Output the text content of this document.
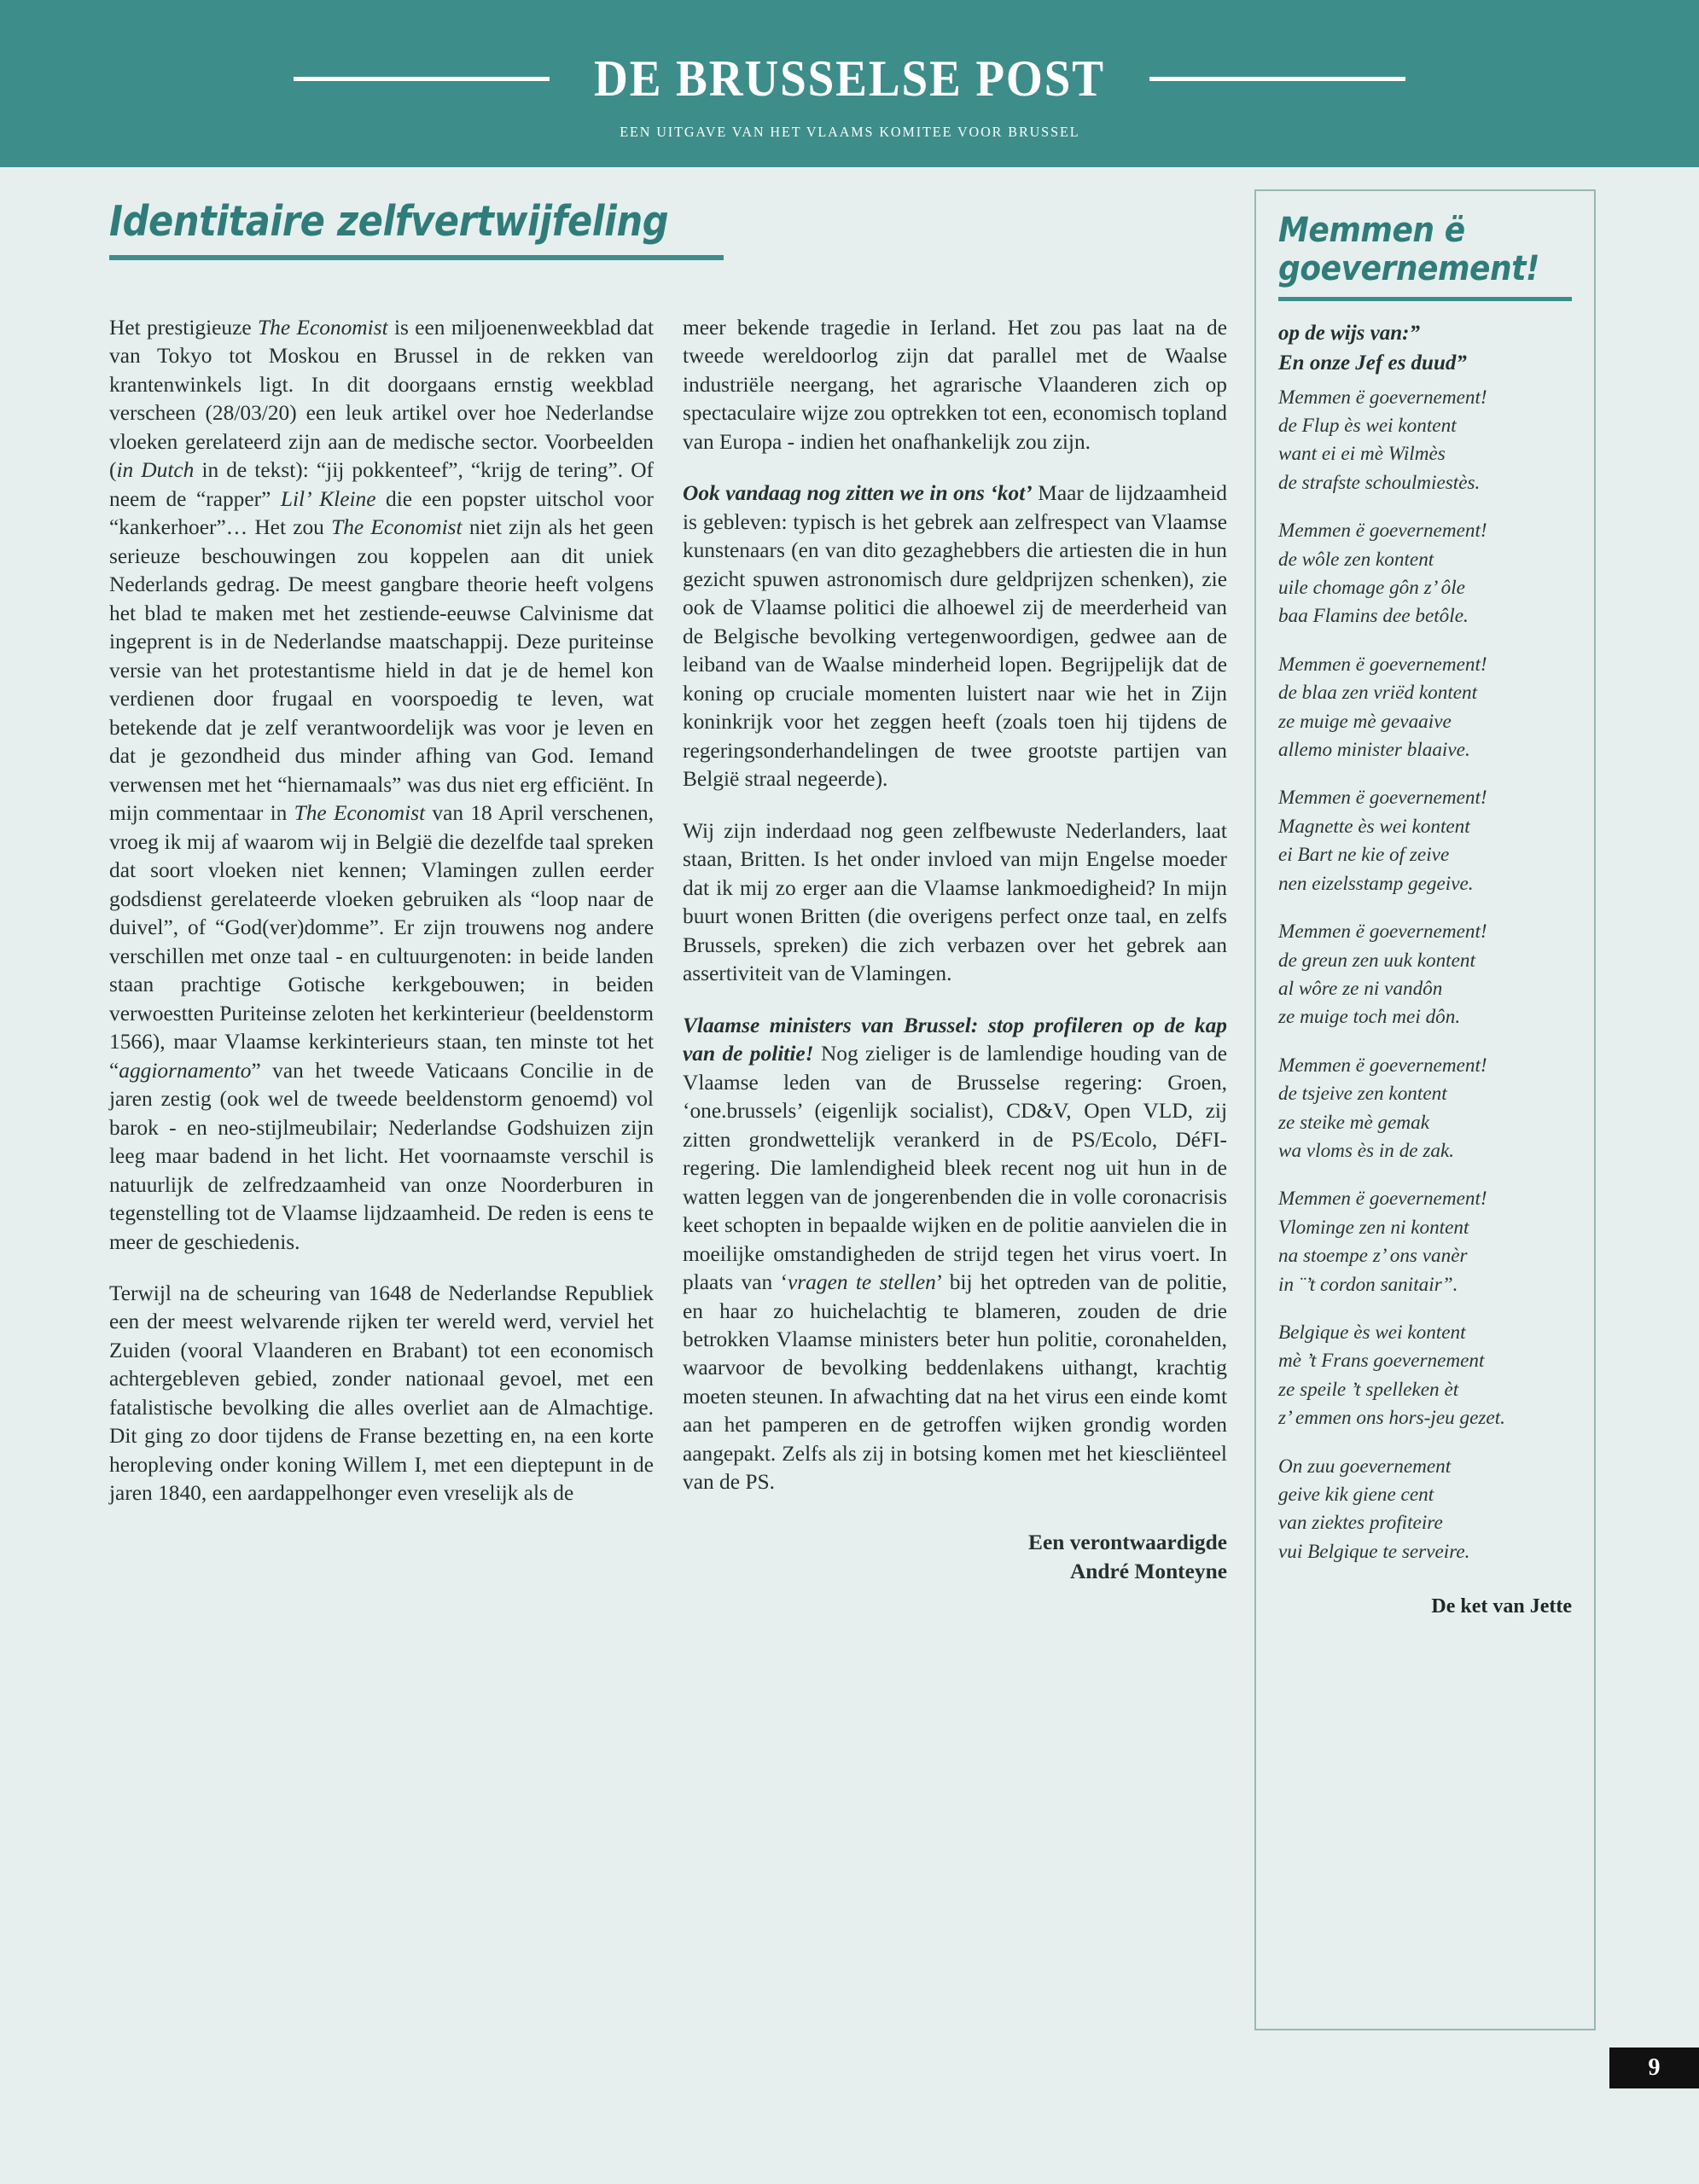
DE BRUSSELSE POST
EEN UITGAVE VAN HET VLAAMS KOMITEE VOOR BRUSSEL
Identitaire zelfvertwijfeling

Het prestigieuze The Economist is een miljoenenweekblad dat van Tokyo tot Moskou en Brussel in de rekken van krantenwinkels ligt. In dit doorgaans ernstig weekblad verscheen (28/03/20) een leuk artikel over hoe Nederlandse vloeken gerelateerd zijn aan de medische sector. Voorbeelden (in Dutch in de tekst): “jij pokkenteef”, “krijg de tering”. Of neem de “rapper” Lil’ Kleine die een popster uitschol voor “kankerhoer”… Het zou The Economist niet zijn als het geen serieuze beschouwingen zou koppelen aan dit uniek Nederlands gedrag. De meest gangbare theorie heeft volgens het blad te maken met het zestiende-eeuwse Calvinisme dat ingeprent is in de Nederlandse maatschappij. Deze puriteinse versie van het protestantisme hield in dat je de hemel kon verdienen door frugaal en voorspoedig te leven, wat betekende dat je zelf verantwoordelijk was voor je leven en dat je gezondheid dus minder afhing van God. Iemand verwensen met het “hiernamaals” was dus niet erg efficiënt. In mijn commentaar in The Economist van 18 April verschenen, vroeg ik mij af waarom wij in België die dezelfde taal spreken dat soort vloeken niet kennen; Vlamingen zullen eerder godsdienst gerelateerde vloeken gebruiken als “loop naar de duivel”, of “God(ver)domme”. Er zijn trouwens nog andere verschillen met onze taal - en cultuurgenoten: in beide landen staan prachtige Gotische kerkgebouwen; in beiden verwoestten Puriteinse zeloten het kerkinterieur (beeldenstorm 1566), maar Vlaamse kerkinterieurs staan, ten minste tot het “aggiornamento” van het tweede Vaticaans Concilie in de jaren zestig (ook wel de tweede beeldenstorm genoemd) vol barok - en neo-stijlmeubilair; Nederlandse Godshuizen zijn leeg maar badend in het licht. Het voornaamste verschil is natuurlijk de zelfredzaamheid van onze Noorderburen in tegenstelling tot de Vlaamse lijdzaamheid. De reden is eens te meer de geschiedenis.

Terwijl na de scheuring van 1648 de Nederlandse Republiek een der meest welvarende rijken ter wereld werd, verviel het Zuiden (vooral Vlaanderen en Brabant) tot een economisch achtergebleven gebied, zonder nationaal gevoel, met een fatalistische bevolking die alles overliet aan de Almachtige. Dit ging zo door tijdens de Franse bezetting en, na een korte heropleving onder koning Willem I, met een dieptepunt in de jaren 1840, een aardappelhonger even vreselijk als de

meer bekende tragedie in Ierland. Het zou pas laat na de tweede wereldoorlog zijn dat parallel met de Waalse industriële neergang, het agrarische Vlaanderen zich op spectaculaire wijze zou optrekken tot een, economisch topland van Europa - indien het onafhankelijk zou zijn.

Ook vandaag nog zitten we in ons ‘kot’ Maar de lijdzaamheid is gebleven: typisch is het gebrek aan zelfrespect van Vlaamse kunstenaars (en van dito gezaghebbers die artiesten die in hun gezicht spuwen astronomisch dure geldprijzen schenken), zie ook de Vlaamse politici die alhoewel zij de meerderheid van de Belgische bevolking vertegenwoordigen, gedwee aan de leiband van de Waalse minderheid lopen. Begrijpelijk dat de koning op cruciale momenten luistert naar wie het in Zijn koninkrijk voor het zeggen heeft (zoals toen hij tijdens de regeringsonderhandelingen de twee grootste partijen van België straal negeerde).

Wij zijn inderdaad nog geen zelfbewuste Nederlanders, laat staan, Britten. Is het onder invloed van mijn Engelse moeder dat ik mij zo erger aan die Vlaamse lankmoedigheid? In mijn buurt wonen Britten (die overigens perfect onze taal, en zelfs Brussels, spreken) die zich verbazen over het gebrek aan assertiviteit van de Vlamingen.

Vlaamse ministers van Brussel: stop profileren op de kap van de politie! Nog zieliger is de lamlendige houding van de Vlaamse leden van de Brusselse regering: Groen, ‘one.brussels’ (eigenlijk socialist), CD&V, Open VLD, zij zitten grondwettelijk verankerd in de PS/Ecolo, DéFI-regering. Die lamlendigheid bleek recent nog uit hun in de watten leggen van de jongerenbenden die in volle coronacrisis keet schopten in bepaalde wijken en de politie aanvielen die in moeilijke omstandigheden de strijd tegen het virus voert. In plaats van ‘vragen te stellen’ bij het optreden van de politie, en haar zo huichelachtig te blameren, zouden de drie betrokken Vlaamse ministers beter hun politie, coronahelden, waarvoor de bevolking beddenlakens uithangt, krachtig moeten steunen. In afwachting dat na het virus een einde komt aan het pamperen en de getroffen wijken grondig worden aangepakt. Zelfs als zij in botsing komen met het kiescliënteel van de PS.

Een verontwaardigde
André Monteyne
Memmen ë goevernement!
op de wijs van:”
En onze Jef es duud”
Memmen ë goevernement!
de Flup ès wei kontent
want ei ei mè Wilmès
de strafste schoulmiestès.
Memmen ë goevernement!
de wôle zen kontent
uile chomage gôn z’ ôle
baa Flamins dee betôle.
Memmen ë goevernement!
de blaa zen vriëd kontent
ze muige mè gevaaive
allemo minister blaaive.
Memmen ë goevernement!
Magnette ès wei kontent
ei Bart ne kie of zeive
nen eizelsstamp gegeive.
Memmen ë goevernement!
de greun zen uuk kontent
al wôre ze ni vandôn
ze muige toch mei dôn.
Memmen ë goevernement!
de tsjeive zen kontent
ze steike mè gemak
wa vloms ès in de zak.
Memmen ë goevernement!
Vlominge zen ni kontent
na stoempe z’ ons vanèr
in ¨’t cordon sanitair”.
Belgique ès wei kontent
mè ’t Frans goevernement
ze speile ’t spelleken èt
z’ emmen ons hors-jeu gezet.
On zuu goevernement
geive kik giene cent
van ziektes profiteire
vui Belgique te serveire.
De ket van Jette
9
